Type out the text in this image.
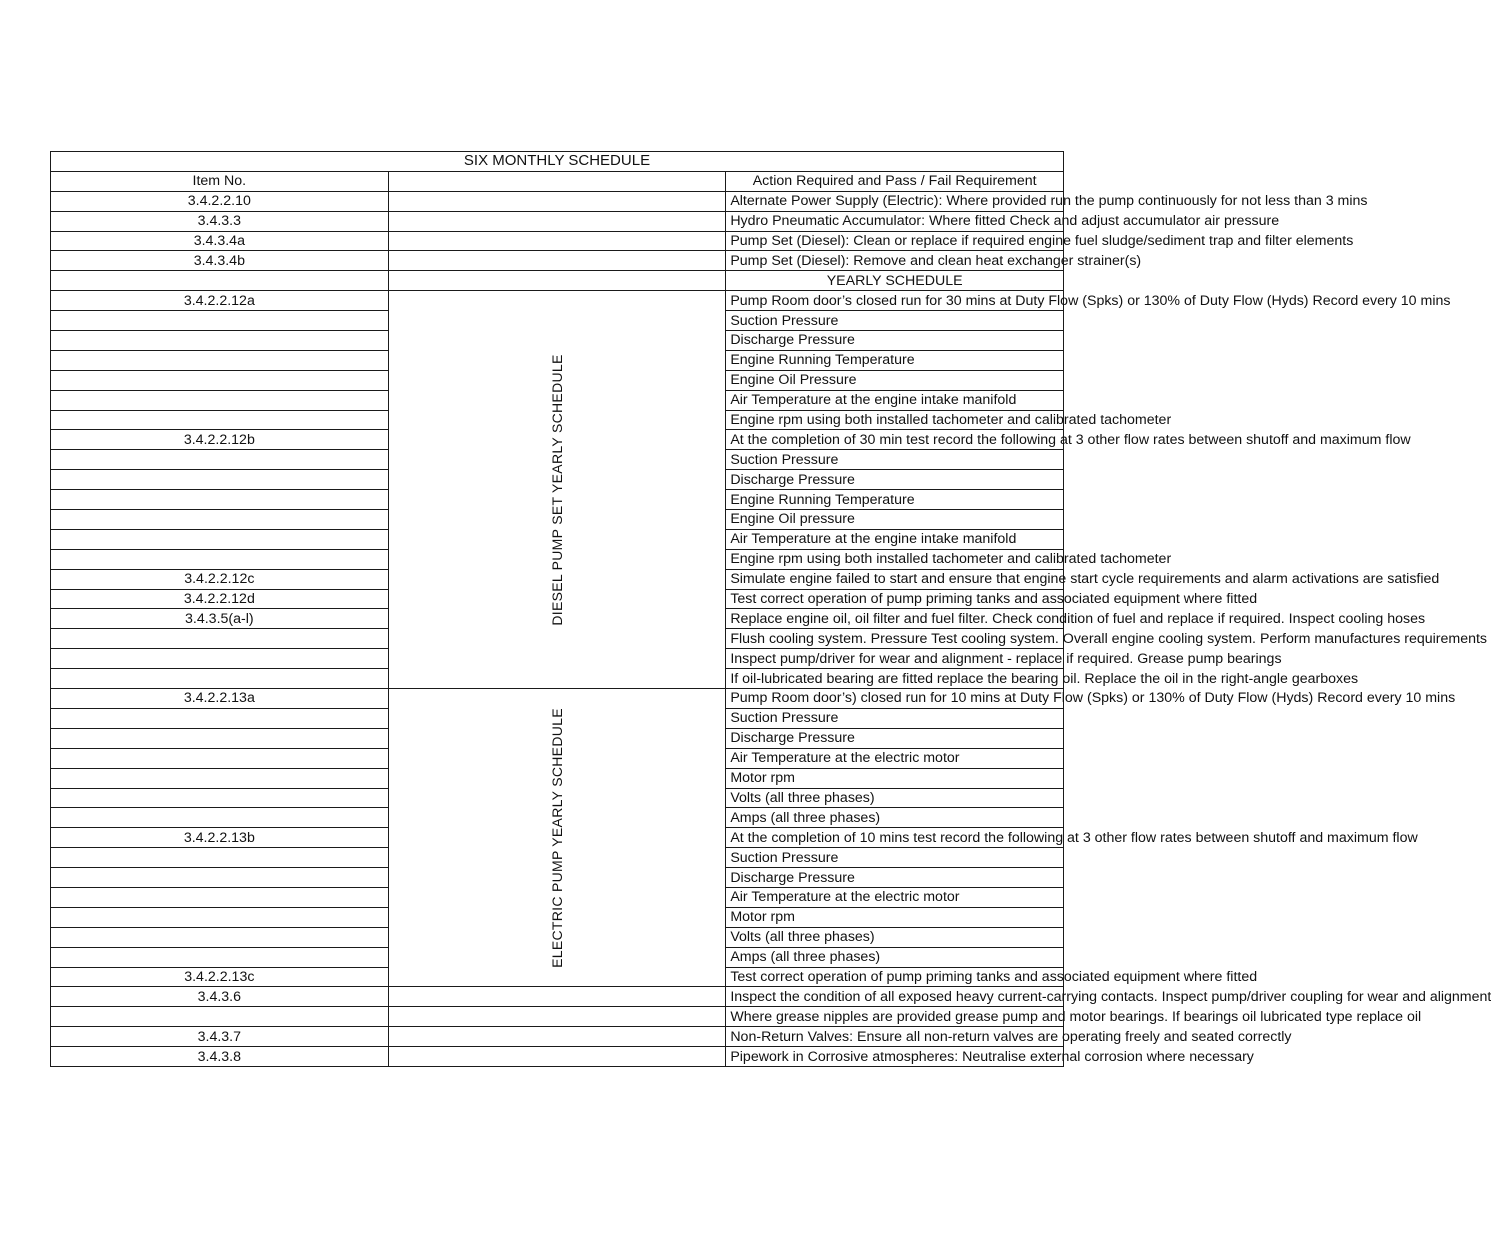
SIX MONTHLY SCHEDULE		
Item No.		Action Required and Pass / Fail Requirement
3.4.2.2.10		Alternate Power Supply (Electric): Where provided run the pump continuously for not less than 3 mins
3.4.3.3		Hydro Pneumatic Accumulator: Where fitted Check and adjust accumulator air pressure
3.4.3.4a		Pump Set (Diesel): Clean or replace if required engine fuel sludge/sediment trap and filter elements
3.4.3.4b		Pump Set (Diesel): Remove and clean heat exchanger strainer(s)
		YEARLY SCHEDULE
3.4.2.2.12a	DIESEL PUMP SET YEARLY SCHEDULE	Pump Room door’s closed run for 30 mins at Duty Flow (Spks) or 130% of Duty Flow (Hyds) Record every 10 mins
		Suction Pressure
		Discharge Pressure
		Engine Running Temperature
		Engine Oil Pressure
		Air Temperature at the engine intake manifold
		Engine rpm using both installed tachometer and calibrated tachometer
3.4.2.2.12b		At the completion of 30 min test record the following at 3 other flow rates between shutoff and maximum flow
		Suction Pressure
		Discharge Pressure
		Engine Running Temperature
		Engine Oil pressure
		Air Temperature at the engine intake manifold
		Engine rpm using both installed tachometer and calibrated tachometer
3.4.2.2.12c		Simulate engine failed to start and ensure that engine start cycle requirements and alarm activations are satisfied
3.4.2.2.12d		Test correct operation of pump priming tanks and associated equipment where fitted
3.4.3.5(a-l)		Replace engine oil, oil filter and fuel filter. Check condition of fuel and replace if required. Inspect cooling hoses
		Flush cooling system. Pressure Test cooling system. Overall engine cooling system. Perform manufactures requirements
		Inspect pump/driver for wear and alignment - replace if required. Grease pump bearings
		If oil-lubricated bearing are fitted replace the bearing oil. Replace the oil in the right-angle gearboxes
3.4.2.2.13a	ELECTRIC PUMP YEARLY SCHEDULE	Pump Room door’s) closed run for 10 mins at Duty Flow (Spks) or 130% of Duty Flow (Hyds) Record every 10 mins
		Suction Pressure
		Discharge Pressure
		Air Temperature at the electric motor
		Motor rpm
		Volts (all three phases)
		Amps (all three phases)
3.4.2.2.13b		At the completion of 10 mins test record the following at 3 other flow rates between shutoff and maximum flow
		Suction Pressure
		Discharge Pressure
		Air Temperature at the electric motor
		Motor rpm
		Volts (all three phases)
		Amps (all three phases)
3.4.2.2.13c		Test correct operation of pump priming tanks and associated equipment where fitted
3.4.3.6		Inspect the condition of all exposed heavy current-carrying contacts. Inspect pump/driver coupling for wear and alignment
		Where grease nipples are provided grease pump and motor bearings. If bearings oil lubricated type replace oil
3.4.3.7		Non-Return Valves: Ensure all non-return valves are operating freely and seated correctly
3.4.3.8		Pipework in Corrosive atmospheres: Neutralise external corrosion where necessary
